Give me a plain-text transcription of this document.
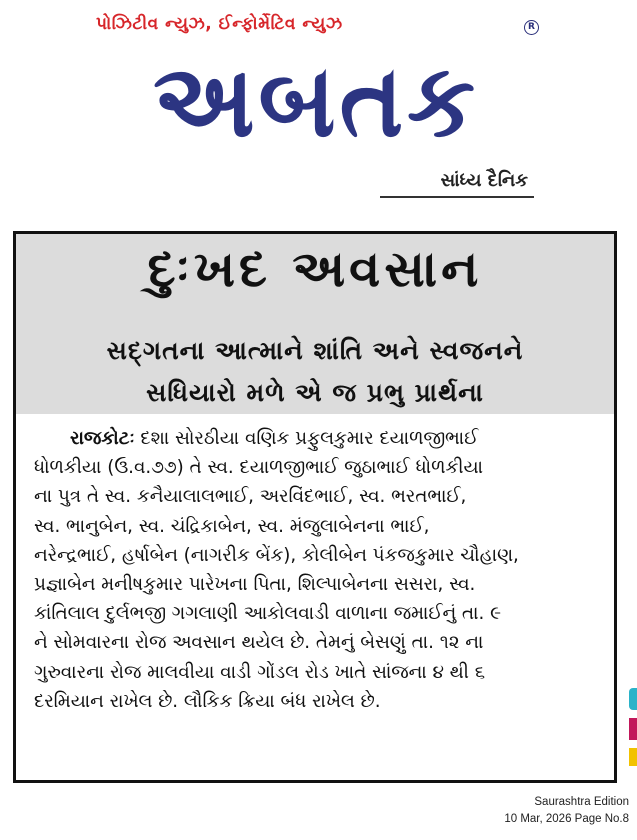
પોઝિટીવ ન્યુઝ, ઈન્ફોર્મેટિવ ન્યુઝ	R
અબતક
સાંધ્ય દૈનિક
દુઃખદ અવસાન
સદ્ગતના આત્માને શાંતિ અને સ્વજનને
સધિયારો મળે એ જ પ્રભુ પ્રાર્થના
રાજકોટઃ દશા સોરઠીયા વણિક પ્રફુલકુમાર દયાળજીભાઈ
ધોળકીયા (ઉ.વ.૭૭) તે સ્વ. દયાળજીભાઈ જુઠાભાઈ ધોળકીયા
ના પુત્ર તે સ્વ. કનૈયાલાલભાઈ, અરવિંદભાઈ, સ્વ. ભરતભાઈ,
સ્વ. ભાનુબેન, સ્વ. ચંદ્રિકાબેન, સ્વ. મંજુલાબેનના ભાઈ,
નરેન્દ્રભાઈ, હર્ષાબેન (નાગરીક બેંક), કોલીબેન પંકજકુમાર ચૌહાણ,
પ્રજ્ઞાબેન મનીષકુમાર પારેખના પિતા, શિલ્પાબેનના સસરા, સ્વ.
કાંતિલાલ દુર્લભજી ગગલાણી આકોલવાડી વાળાના જમાઈનું તા. ૯
ને સોમવારના રોજ અવસાન થયેલ છે. તેમનું બેસણું તા. ૧૨ ના
ગુરુવારના રોજ માલવીયા વાડી ગોંડલ રોડ ખાતે સાંજના ૪ થી ૬
દરમિયાન રાખેલ છે. લૌકિક ક્રિયા બંધ રાખેલ છે.
Saurashtra Edition
10 Mar, 2026 Page No.8
